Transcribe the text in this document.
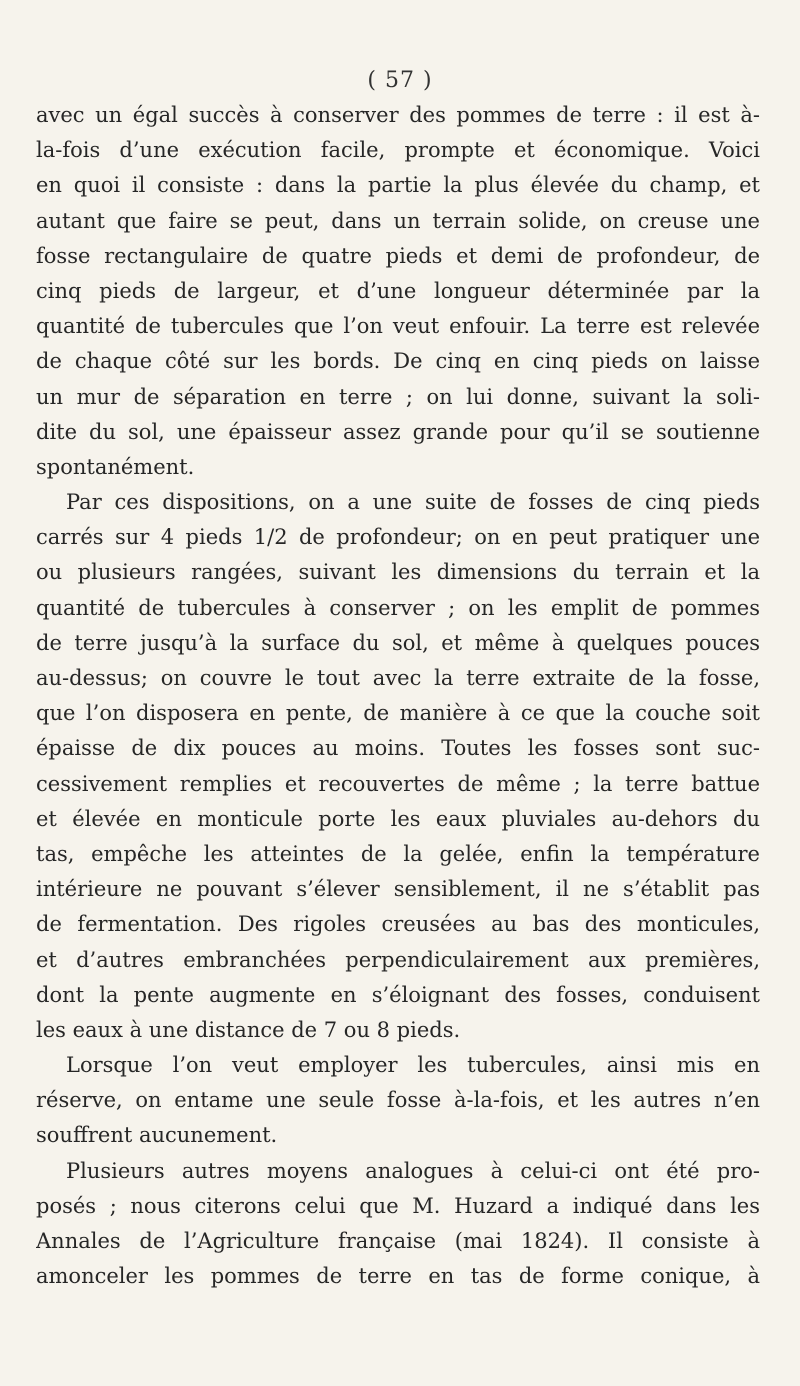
( 57 )
avec un égal succès à conserver des pommes de terre : il est à-
la-fois d’une exécution facile, prompte et économique. Voici
en quoi il consiste : dans la partie la plus élevée du champ, et
autant que faire se peut, dans un terrain solide, on creuse une
fosse rectangulaire de quatre pieds et demi de profondeur, de
cinq pieds de largeur, et d’une longueur déterminée par la
quantité de tubercules que l’on veut enfouir. La terre est relevée
de chaque côté sur les bords. De cinq en cinq pieds on laisse
un mur de séparation en terre ; on lui donne, suivant la soli-
dite du sol, une épaisseur assez grande pour qu’il se soutienne
spontanément.
Par ces dispositions, on a une suite de fosses de cinq pieds
carrés sur 4 pieds 1/2 de profondeur; on en peut pratiquer une
ou plusieurs rangées, suivant les dimensions du terrain et la
quantité de tubercules à conserver ; on les emplit de pommes
de terre jusqu’à la surface du sol, et même à quelques pouces
au-dessus; on couvre le tout avec la terre extraite de la fosse,
que l’on disposera en pente, de manière à ce que la couche soit
épaisse de dix pouces au moins. Toutes les fosses sont suc-
cessivement remplies et recouvertes de même ; la terre battue
et élevée en monticule porte les eaux pluviales au-dehors du
tas, empêche les atteintes de la gelée, enfin la température
intérieure ne pouvant s’élever sensiblement, il ne s’établit pas
de fermentation. Des rigoles creusées au bas des monticules,
et d’autres embranchées perpendiculairement aux premières,
dont la pente augmente en s’éloignant des fosses, conduisent
les eaux à une distance de 7 ou 8 pieds.
Lorsque l’on veut employer les tubercules, ainsi mis en
réserve, on entame une seule fosse à-la-fois, et les autres n’en
souffrent aucunement.
Plusieurs autres moyens analogues à celui-ci ont été pro-
posés ; nous citerons celui que M. Huzard a indiqué dans les
Annales de l’Agriculture française (mai 1824). Il consiste à
amonceler les pommes de terre en tas de forme conique, à
